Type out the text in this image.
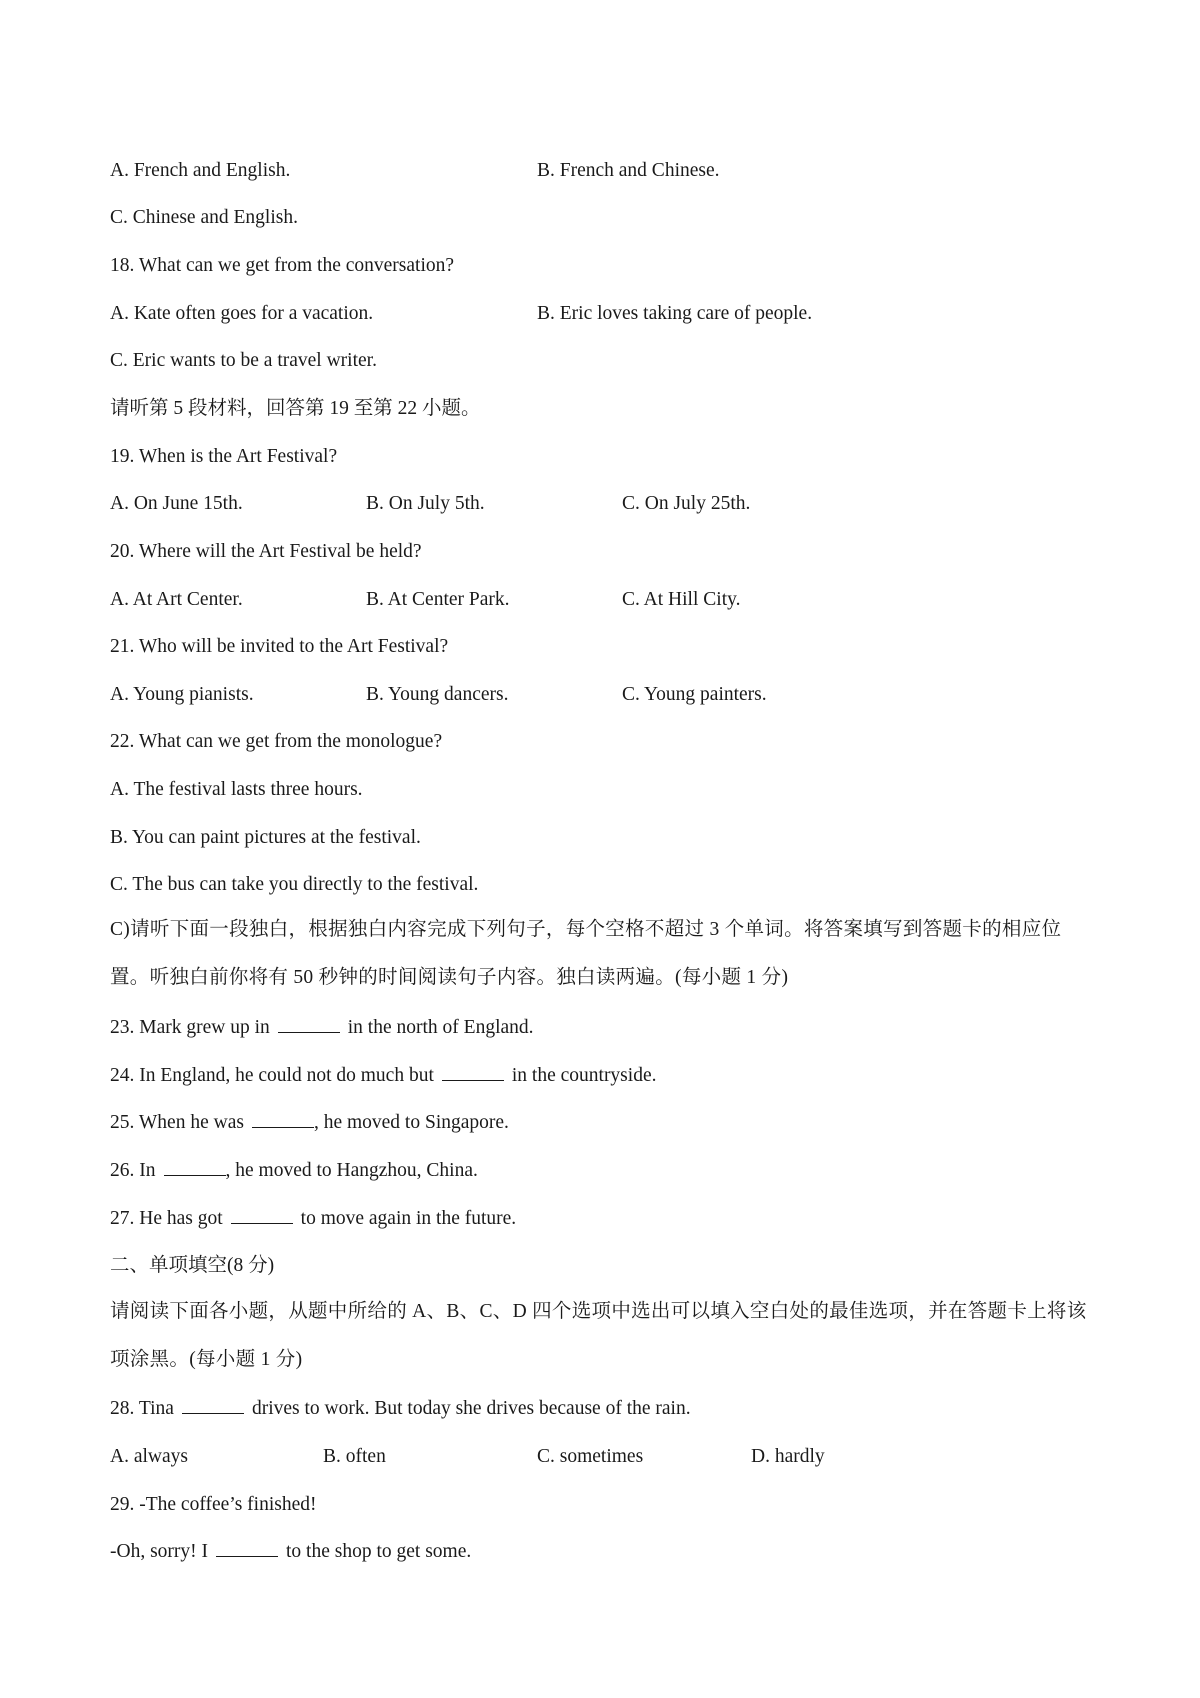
A. French and English.	B. French and Chinese.
C. Chinese and English.
18. What can we get from the conversation?
A. Kate often goes for a vacation.	B. Eric loves taking care of people.
C. Eric wants to be a travel writer.
请听第 5 段材料，回答第 19 至第 22 小题。
19. When is the Art Festival?
A. On June 15th.	B. On July 5th.	C. On July 25th.
20. Where will the Art Festival be held?
A. At Art Center.	B. At Center Park.	C. At Hill City.
21. Who will be invited to the Art Festival?
A. Young pianists.	B. Young dancers.	C. Young painters.
22. What can we get from the monologue?
A. The festival lasts three hours.
B. You can paint pictures at the festival.
C. The bus can take you directly to the festival.
C)请听下面一段独白，根据独白内容完成下列句子，每个空格不超过 3 个单词。将答案填写到答题卡的相应位置。听独白前你将有 50 秒钟的时间阅读句子内容。独白读两遍。(每小题 1 分)
23. Mark grew up in	in the north of England.
24. In England, he could not do much but	in the countryside.
25. When he was	, he moved to Singapore.
26. In	, he moved to Hangzhou, China.
27. He has got	to move again in the future.
二、单项填空(8 分)
请阅读下面各小题，从题中所给的 A、B、C、D 四个选项中选出可以填入空白处的最佳选项，并在答题卡上将该项涂黑。(每小题 1 分)
28. Tina	drives to work. But today she drives because of the rain.
A. always	B. often	C. sometimes	D. hardly
29. -The coffee’s finished!
-Oh, sorry! I	to the shop to get some.
